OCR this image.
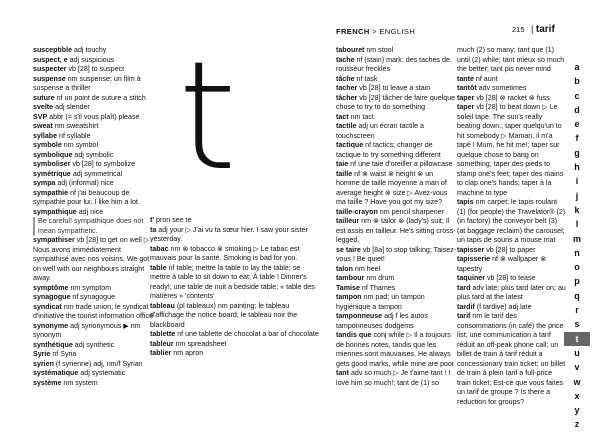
FRENCH > ENGLISH	215 | tarif
t

susceptible adj touchy

suspect, e adj suspicious

suspecter vb [28] to suspect

suspense nm suspense; un film à suspense a thriller

suture nf un point de suture a stitch

svelte adj slender

SVP abbr (= s'il vous plaît) please

sweat nm sweatshirt

syllabe nf syllable

symbole nm symbol

symbolique adj symbolic

symboliser vb [28] to symbolize

symétrique adj symmetrical

sympa adj (informal) nice

sympathie nf j'ai beaucoup de sympathie pour lui. I like him a lot.

sympathique adj nice

Be careful! sympathique does not mean sympathetic.

sympathiser vb [28] to get on well ▷ Nous avons immédiatement sympathisé avec nos voisins. We got on well with our neighbours straight away.

symptôme nm symptom

synagogue nf synagogue

syndicat nm trade union; le syndicat d'initiative the tourist information office

synonyme adj synonymous ▶ nm synonym

synthétique adj synthetic

Syrie nf Syria

syrien (f syrienne) adj, nm/f Syrian

systématique adj systematic

système nm system

t' pron see te

ta adj your ▷ J'ai vu ta sœur hier. I saw your sister yesterday.

tabac nm ⊗ tobacco ⊗ smoking ▷ Le tabac est mauvais pour la santé. Smoking is bad for you.

table nf table; mettre la table to lay the table; se mettre à table to sit down to eat; À table ! Dinner's ready!; une table de nuit a bedside table; « table des matières » 'contents'

tableau (pl tableaux) nm painting; le tableau d'affichage the notice board; le tableau noir the blackboard

tablette nf une tablette de chocolat a bar of chocolate

tableur nm spreadsheet

tablier nm apron

tabouret nm stool

tache nf (stain) mark; des taches de rousseur freckles

tâche nf task

tacher vb [28] to leave a stain

tâcher vb [28] tâcher de faire quelque chose to try to do something

tact nm tact

tactile adj un écran tactile a touchscreen

tactique nf tactics; changer de tactique to try something different

taie nf une taie d'oreiller a pillowcase

taille nf ⊗ waist ⊗ height ⊗ un homme de taille moyenne a man of average height ⊗ size ▷ Avez-vous ma taille ? Have you got my size?

taille-crayon nm pencil sharpener

tailleur nm ⊗ tailor ⊗ (lady's) suit; Il est assis en tailleur. He's sitting cross-legged.

se taire vb [8a] to stop talking; Taisez-vous ! Be quiet!

talon nm heel

tambour nm drum

Tamise nf Thames

tampon nm pad; un tampon hygiénique a tampon

tamponneuse adj f les autos tamponneuses dodgems

tandis que conj while ▷ Il a toujours de bonnes notes, tandis que les miennes sont mauvaises. He always gets good marks, while mine are poor.

tant adv so much ▷ Je t'aime tant ! I love him so much!; tant de (1) so

much (2) so many; tant que (1) until (2) while; tant mieux so much the better; tant pis never mind

tante nf aunt

tantôt adv sometimes

taper vb [28] ⊗ racket ⊗ fuss

taper vb [28] to beat down ▷ Le soleil tape. The sun's really beating down.; taper quelqu'un to hit somebody ▷ Maman, il m'a tapé ! Mum, he hit me!; taper sur quelque chose to bang on something; taper des pieds to stamp one's feet; taper des mains to clap one's hands; taper à la machine to type

tapis nm carpet; le tapis roulant (1) (for people) the Travelator® (2) (in factory) the conveyor belt (3) (at baggage reclaim) the carousel; un tapis de souris a mouse mat

tapisser vb [28] to paper

tapisserie nf ⊗ wallpaper ⊗ tapestry

taquiner vb [28] to tease

tard adv late; plus tard later on; au plus tard at the latest

tardif (f tardive) adj late

tarif nm le tarif des consommations (in café) the price list; une communication à tarif réduit an off-peak phone call; un billet de train à tarif réduit a concessionary train ticket; un billet de train à plein tarif a full-price train ticket; Est-ce que vous faites un tarif de groupe ? Is there a reduction for groups?

a
b
c
d
e
f
g
h
i
j
k
l
m
n
o
p
q
r
s
t
u
v
w
x
y
z
